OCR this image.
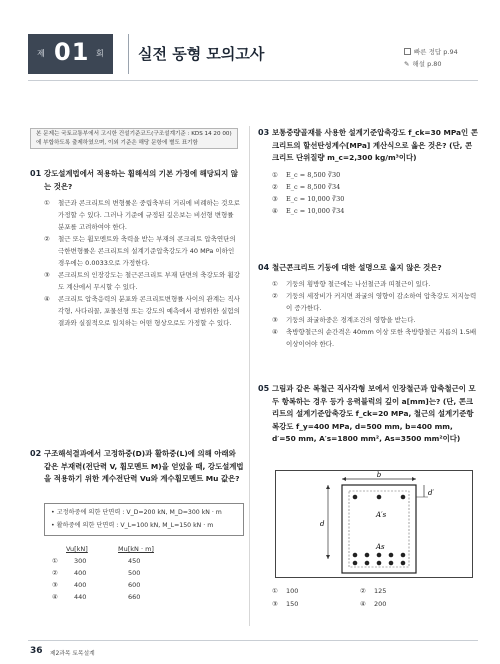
제 01 회 실전 동형 모의고사	빠른 정답 p.94
✎ 해설 p.80
본 문제는 국토교통부에서 고시한 건설기준코드(구조설계기준 : KDS 14 20 00)에 부합하도록 출제하였으며, 이외 기준은 해당 문항에 별도 표기함
01 강도설계법에서 적용하는 휨해석의 기본 가정에 해당되지 않는 것은?
① 철근과 콘크리트의 변형률은 중립축부터 거리에 비례하는 것으로 가정할 수 있다. 그러나 기준에 규정된 깊은보는 비선형 변형률 분포를 고려하여야 한다.
② 철근 또는 휨모멘트와 축력을 받는 부재의 콘크리트 압축연단의 극한변형률은 콘크리트의 설계기준압축강도가 40 MPa 이하인 경우에는 0.0033으로 가정한다.
③ 콘크리트의 인장강도는 철근콘크리트 부재 단면의 축강도와 휨강도 계산에서 무시할 수 있다.
④ 콘크리트 압축응력의 분포와 콘크리트변형률 사이의 관계는 직사각형, 사다리꼴, 포물선형 또는 강도의 예측에서 광범위한 실험의 결과와 실질적으로 일치하는 어떤 형상으로도 가정할 수 있다.
02 구조해석결과에서 고정하중(D)과 활하중(L)에 의해 아래와 같은 부재력(전단력 V, 휨모멘트 M)을 얻었을 때, 강도설계법을 적용하기 위한 계수전단력 Vu와 계수휨모멘트 Mu 값은?
• 고정하중에 의한 단면력 : V_D=200 kN, M_D=300 kN · m
• 활하중에 의한 단면력 : V_L=100 kN, M_L=150 kN · m
Vu[kN]	Mu[kN · m]
① 300	450
② 400	500
③ 400	600
④ 440	660
03 보통중량골재를 사용한 설계기준압축강도 f_ck=30 MPa인 콘크리트의 할선탄성계수[MPa] 계산식으로 옳은 것은? (단, 콘크리트 단위질량 m_c=2,300 kg/m³이다)
① E_c = 8,500 ∛30
② E_c = 8,500 ∛34
③ E_c = 10,000 ∛30
④ E_c = 10,000 ∛34
04 철근콘크리트 기둥에 대한 설명으로 옳지 않은 것은?
① 기둥의 횡방향 철근에는 나선철근과 띠철근이 있다.
② 기둥의 세장비가 커지면 좌굴의 영향이 감소하여 압축강도 저지능력이 증가한다.
③ 기둥의 좌굴하중은 경계조건의 영향을 받는다.
④ 축방향철근의 순간격은 40mm 이상 또한 축방향철근 지름의 1.5배 이상이어야 한다.
05 그림과 같은 복철근 직사각형 보에서 인장철근과 압축철근이 모두 항복하는 경우 등가 응력블럭의 깊이 a[mm]는? (단, 콘크리트의 설계기준압축강도 f_ck=20 MPa, 철근의 설계기준항복강도 f_y=400 MPa, d=500 mm, b=400 mm, d′=50 mm, A′s=1800 mm², As=3500 mm²이다)
b
A′s
As
d
d′
① 100	② 125
③ 150	④ 200
36 제2과목 토목설계
